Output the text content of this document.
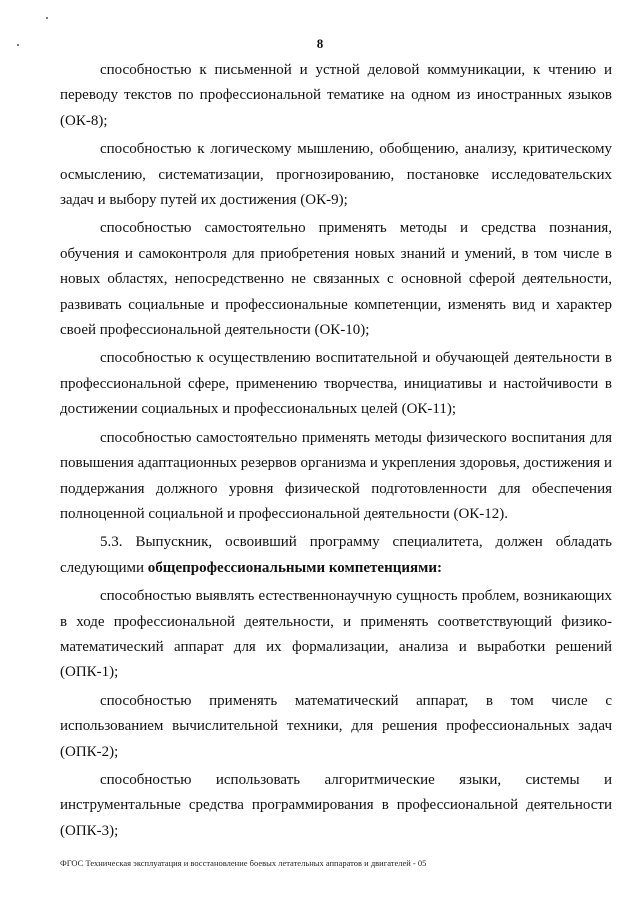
8

способностью к письменной и устной деловой коммуникации, к чтению и переводу текстов по профессиональной тематике на одном из иностранных языков (ОК-8);

способностью к логическому мышлению, обобщению, анализу, критическому осмыслению, систематизации, прогнозированию, постановке исследовательских задач и выбору путей их достижения (ОК-9);

способностью самостоятельно применять методы и средства познания, обучения и самоконтроля для приобретения новых знаний и умений, в том числе в новых областях, непосредственно не связанных с основной сферой деятельности, развивать социальные и профессиональные компетенции, изменять вид и характер своей профессиональной деятельности (ОК-10);

способностью к осуществлению воспитательной и обучающей деятельности в профессиональной сфере, применению творчества, инициативы и настойчивости в достижении социальных и профессиональных целей (ОК-11);

способностью самостоятельно применять методы физического воспитания для повышения адаптационных резервов организма и укрепления здоровья, достижения и поддержания должного уровня физической подготовленности для обеспечения полноценной социальной и профессиональной деятельности (ОК-12).

5.3. Выпускник, освоивший программу специалитета, должен обладать следующими общепрофессиональными компетенциями:

способностью выявлять естественнонаучную сущность проблем, возникающих в ходе профессиональной деятельности, и применять соответствующий физико-математический аппарат для их формализации, анализа и выработки решений (ОПК-1);

способностью применять математический аппарат, в том числе с использованием вычислительной техники, для решения профессиональных задач (ОПК-2);

способностью использовать алгоритмические языки, системы и инструментальные средства программирования в профессиональной деятельности (ОПК-3);

ФГОС Техническая эксплуатация и восстановление боевых летательных аппаратов и двигателей - 05
